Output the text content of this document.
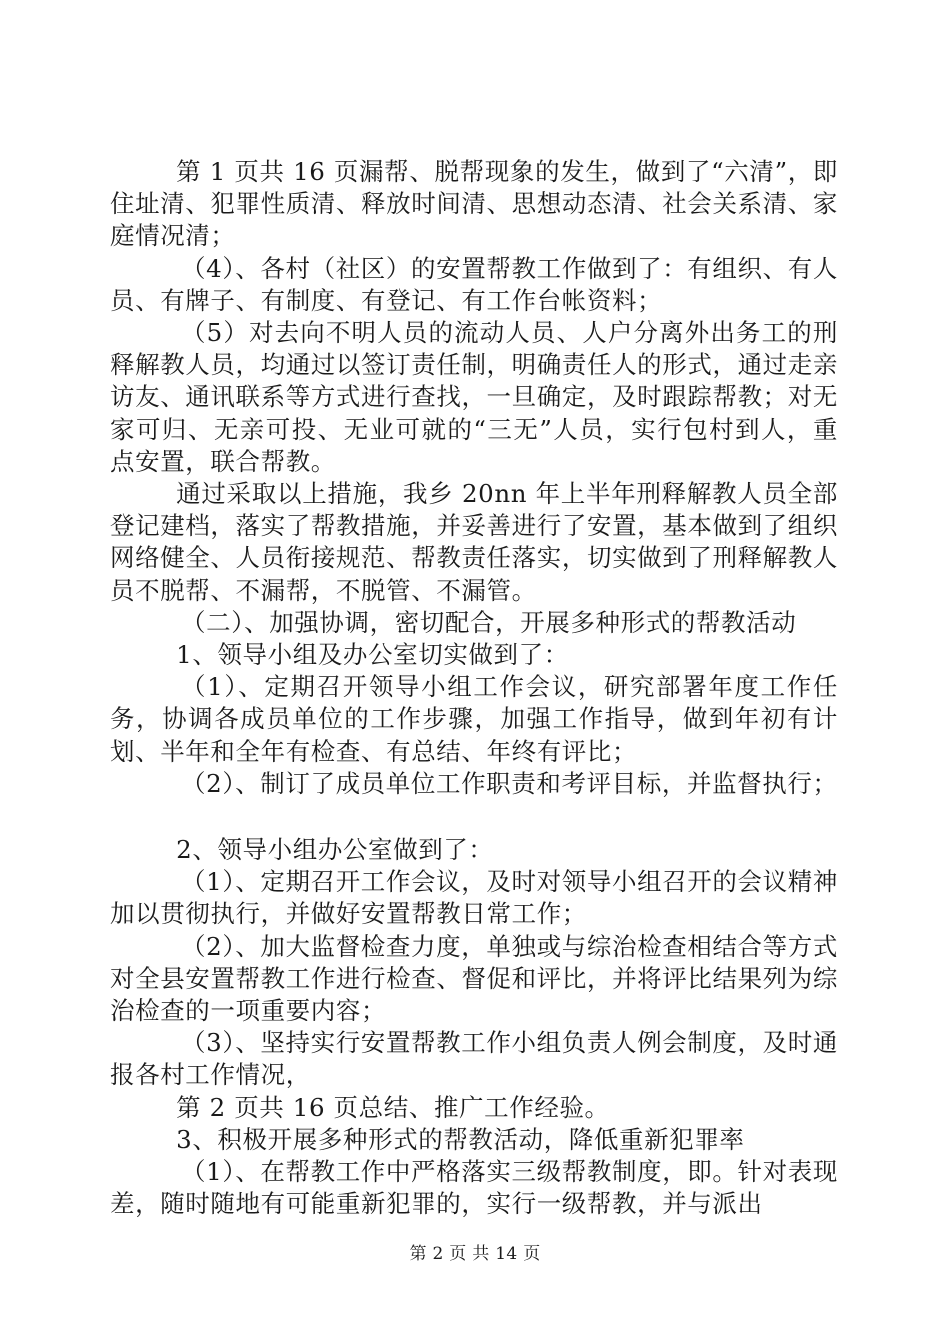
第 1 页共 16 页漏帮、脱帮现象的发生，做到了“六清”，即住址清、犯罪性质清、释放时间清、思想动态清、社会关系清、家庭情况清；

（4）、各村（社区）的安置帮教工作做到了：有组织、有人员、有牌子、有制度、有登记、有工作台帐资料；

（5）对去向不明人员的流动人员、人户分离外出务工的刑释解教人员，均通过以签订责任制，明确责任人的形式，通过走亲访友、通讯联系等方式进行查找，一旦确定，及时跟踪帮教；对无家可归、无亲可投、无业可就的“三无”人员，实行包村到人，重点安置，联合帮教。

通过采取以上措施，我乡 20nn 年上半年刑释解教人员全部登记建档，落实了帮教措施，并妥善进行了安置，基本做到了组织网络健全、人员衔接规范、帮教责任落实，切实做到了刑释解教人员不脱帮、不漏帮，不脱管、不漏管。

（二）、加强协调，密切配合，开展多种形式的帮教活动

1、领导小组及办公室切实做到了：

（1）、定期召开领导小组工作会议，研究部署年度工作任务，协调各成员单位的工作步骤，加强工作指导，做到年初有计划、半年和全年有检查、有总结、年终有评比；

（2）、制订了成员单位工作职责和考评目标，并监督执行；

2、领导小组办公室做到了：

（1）、定期召开工作会议，及时对领导小组召开的会议精神加以贯彻执行，并做好安置帮教日常工作；

（2）、加大监督检查力度，单独或与综治检查相结合等方式对全县安置帮教工作进行检查、督促和评比，并将评比结果列为综治检查的一项重要内容；

（3）、坚持实行安置帮教工作小组负责人例会制度，及时通报各村工作情况，

第 2 页共 16 页总结、推广工作经验。

3、积极开展多种形式的帮教活动，降低重新犯罪率

（1）、在帮教工作中严格落实三级帮教制度，即。针对表现差，随时随地有可能重新犯罪的，实行一级帮教，并与派出

第 2 页 共 14 页
